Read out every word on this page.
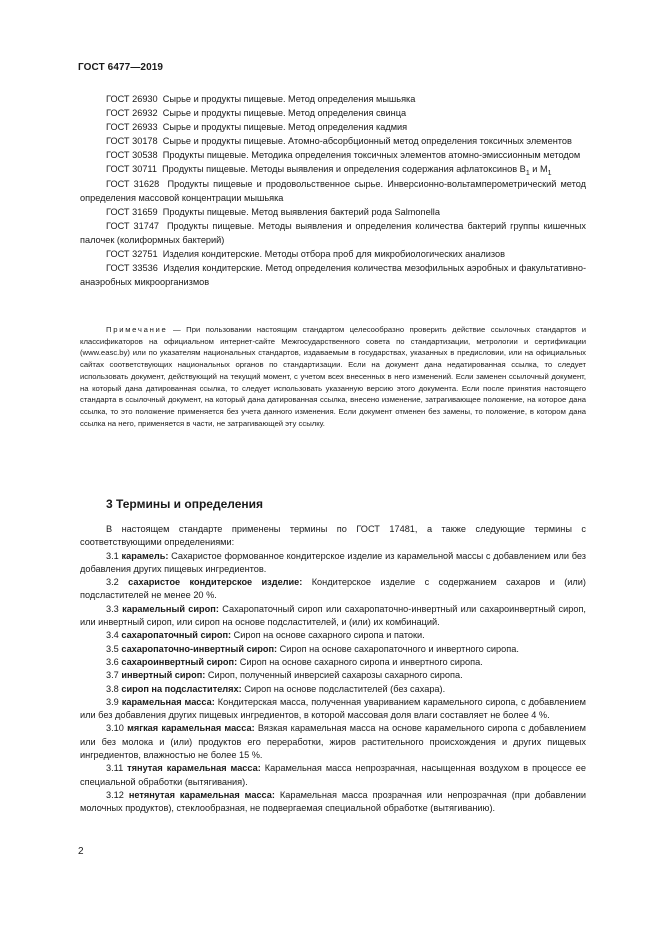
ГОСТ 6477—2019

ГОСТ 26930 Сырье и продукты пищевые. Метод определения мышьяка

ГОСТ 26932 Сырье и продукты пищевые. Метод определения свинца

ГОСТ 26933 Сырье и продукты пищевые. Метод определения кадмия

ГОСТ 30178 Сырье и продукты пищевые. Атомно-абсорбционный метод определения токсичных элементов

ГОСТ 30538 Продукты пищевые. Методика определения токсичных элементов атомно-эмиссионным методом

ГОСТ 30711 Продукты пищевые. Методы выявления и определения содержания афлатоксинов $B_1$ и $M_1$

ГОСТ 31628 Продукты пищевые и продовольственное сырье. Инверсионно-вольтамперометрический метод определения массовой концентрации мышьяка

ГОСТ 31659 Продукты пищевые. Метод выявления бактерий рода Salmonella

ГОСТ 31747 Продукты пищевые. Методы выявления и определения количества бактерий группы кишечных палочек (колиформных бактерий)

ГОСТ 32751 Изделия кондитерские. Методы отбора проб для микробиологических анализов

ГОСТ 33536 Изделия кондитерские. Метод определения количества мезофильных аэробных и факультативно-анаэробных микроорганизмов

Примечание — При пользовании настоящим стандартом целесообразно проверить действие ссылочных стандартов и классификаторов на официальном интернет-сайте Межгосударственного совета по стандартизации, метрологии и сертификации (www.easc.by) или по указателям национальных стандартов, издаваемым в государствах, указанных в предисловии, или на официальных сайтах соответствующих национальных органов по стандартизации. Если на документ дана недатированная ссылка, то следует использовать документ, действующий на текущий момент, с учетом всех внесенных в него изменений. Если заменен ссылочный документ, на который дана датированная ссылка, то следует использовать указанную версию этого документа. Если после принятия настоящего стандарта в ссылочный документ, на который дана датированная ссылка, внесено изменение, затрагивающее положение, на которое дана ссылка, то это положение применяется без учета данного изменения. Если документ отменен без замены, то положение, в котором дана ссылка на него, применяется в части, не затрагивающей эту ссылку.
3 Термины и определения

В настоящем стандарте применены термины по ГОСТ 17481, а также следующие термины с соответствующими определениями:

3.1 карамель: Сахаристое формованное кондитерское изделие из карамельной массы с добавлением или без добавления других пищевых ингредиентов.

3.2 сахаристое кондитерское изделие: Кондитерское изделие с содержанием сахаров и (или) подсластителей не менее 20 %.

3.3 карамельный сироп: Сахаропаточный сироп или сахаропаточно-инвертный или сахароинвертный сироп, или инвертный сироп, или сироп на основе подсластителей, и (или) их комбинаций.

3.4 сахаропаточный сироп: Сироп на основе сахарного сиропа и патоки.

3.5 сахаропаточно-инвертный сироп: Сироп на основе сахаропаточного и инвертного сиропа.

3.6 сахароинвертный сироп: Сироп на основе сахарного сиропа и инвертного сиропа.

3.7 инвертный сироп: Сироп, полученный инверсией сахарозы сахарного сиропа.

3.8 сироп на подсластителях: Сироп на основе подсластителей (без сахара).

3.9 карамельная масса: Кондитерская масса, полученная увариванием карамельного сиропа, с добавлением или без добавления других пищевых ингредиентов, в которой массовая доля влаги составляет не более 4 %.

3.10 мягкая карамельная масса: Вязкая карамельная масса на основе карамельного сиропа с добавлением или без молока и (или) продуктов его переработки, жиров растительного происхождения и других пищевых ингредиентов, влажностью не более 15 %.

3.11 тянутая карамельная масса: Карамельная масса непрозрачная, насыщенная воздухом в процессе ее специальной обработки (вытягивания).

3.12 нетянутая карамельная масса: Карамельная масса прозрачная или непрозрачная (при добавлении молочных продуктов), стеклообразная, не подвергаемая специальной обработке (вытягиванию).

2
